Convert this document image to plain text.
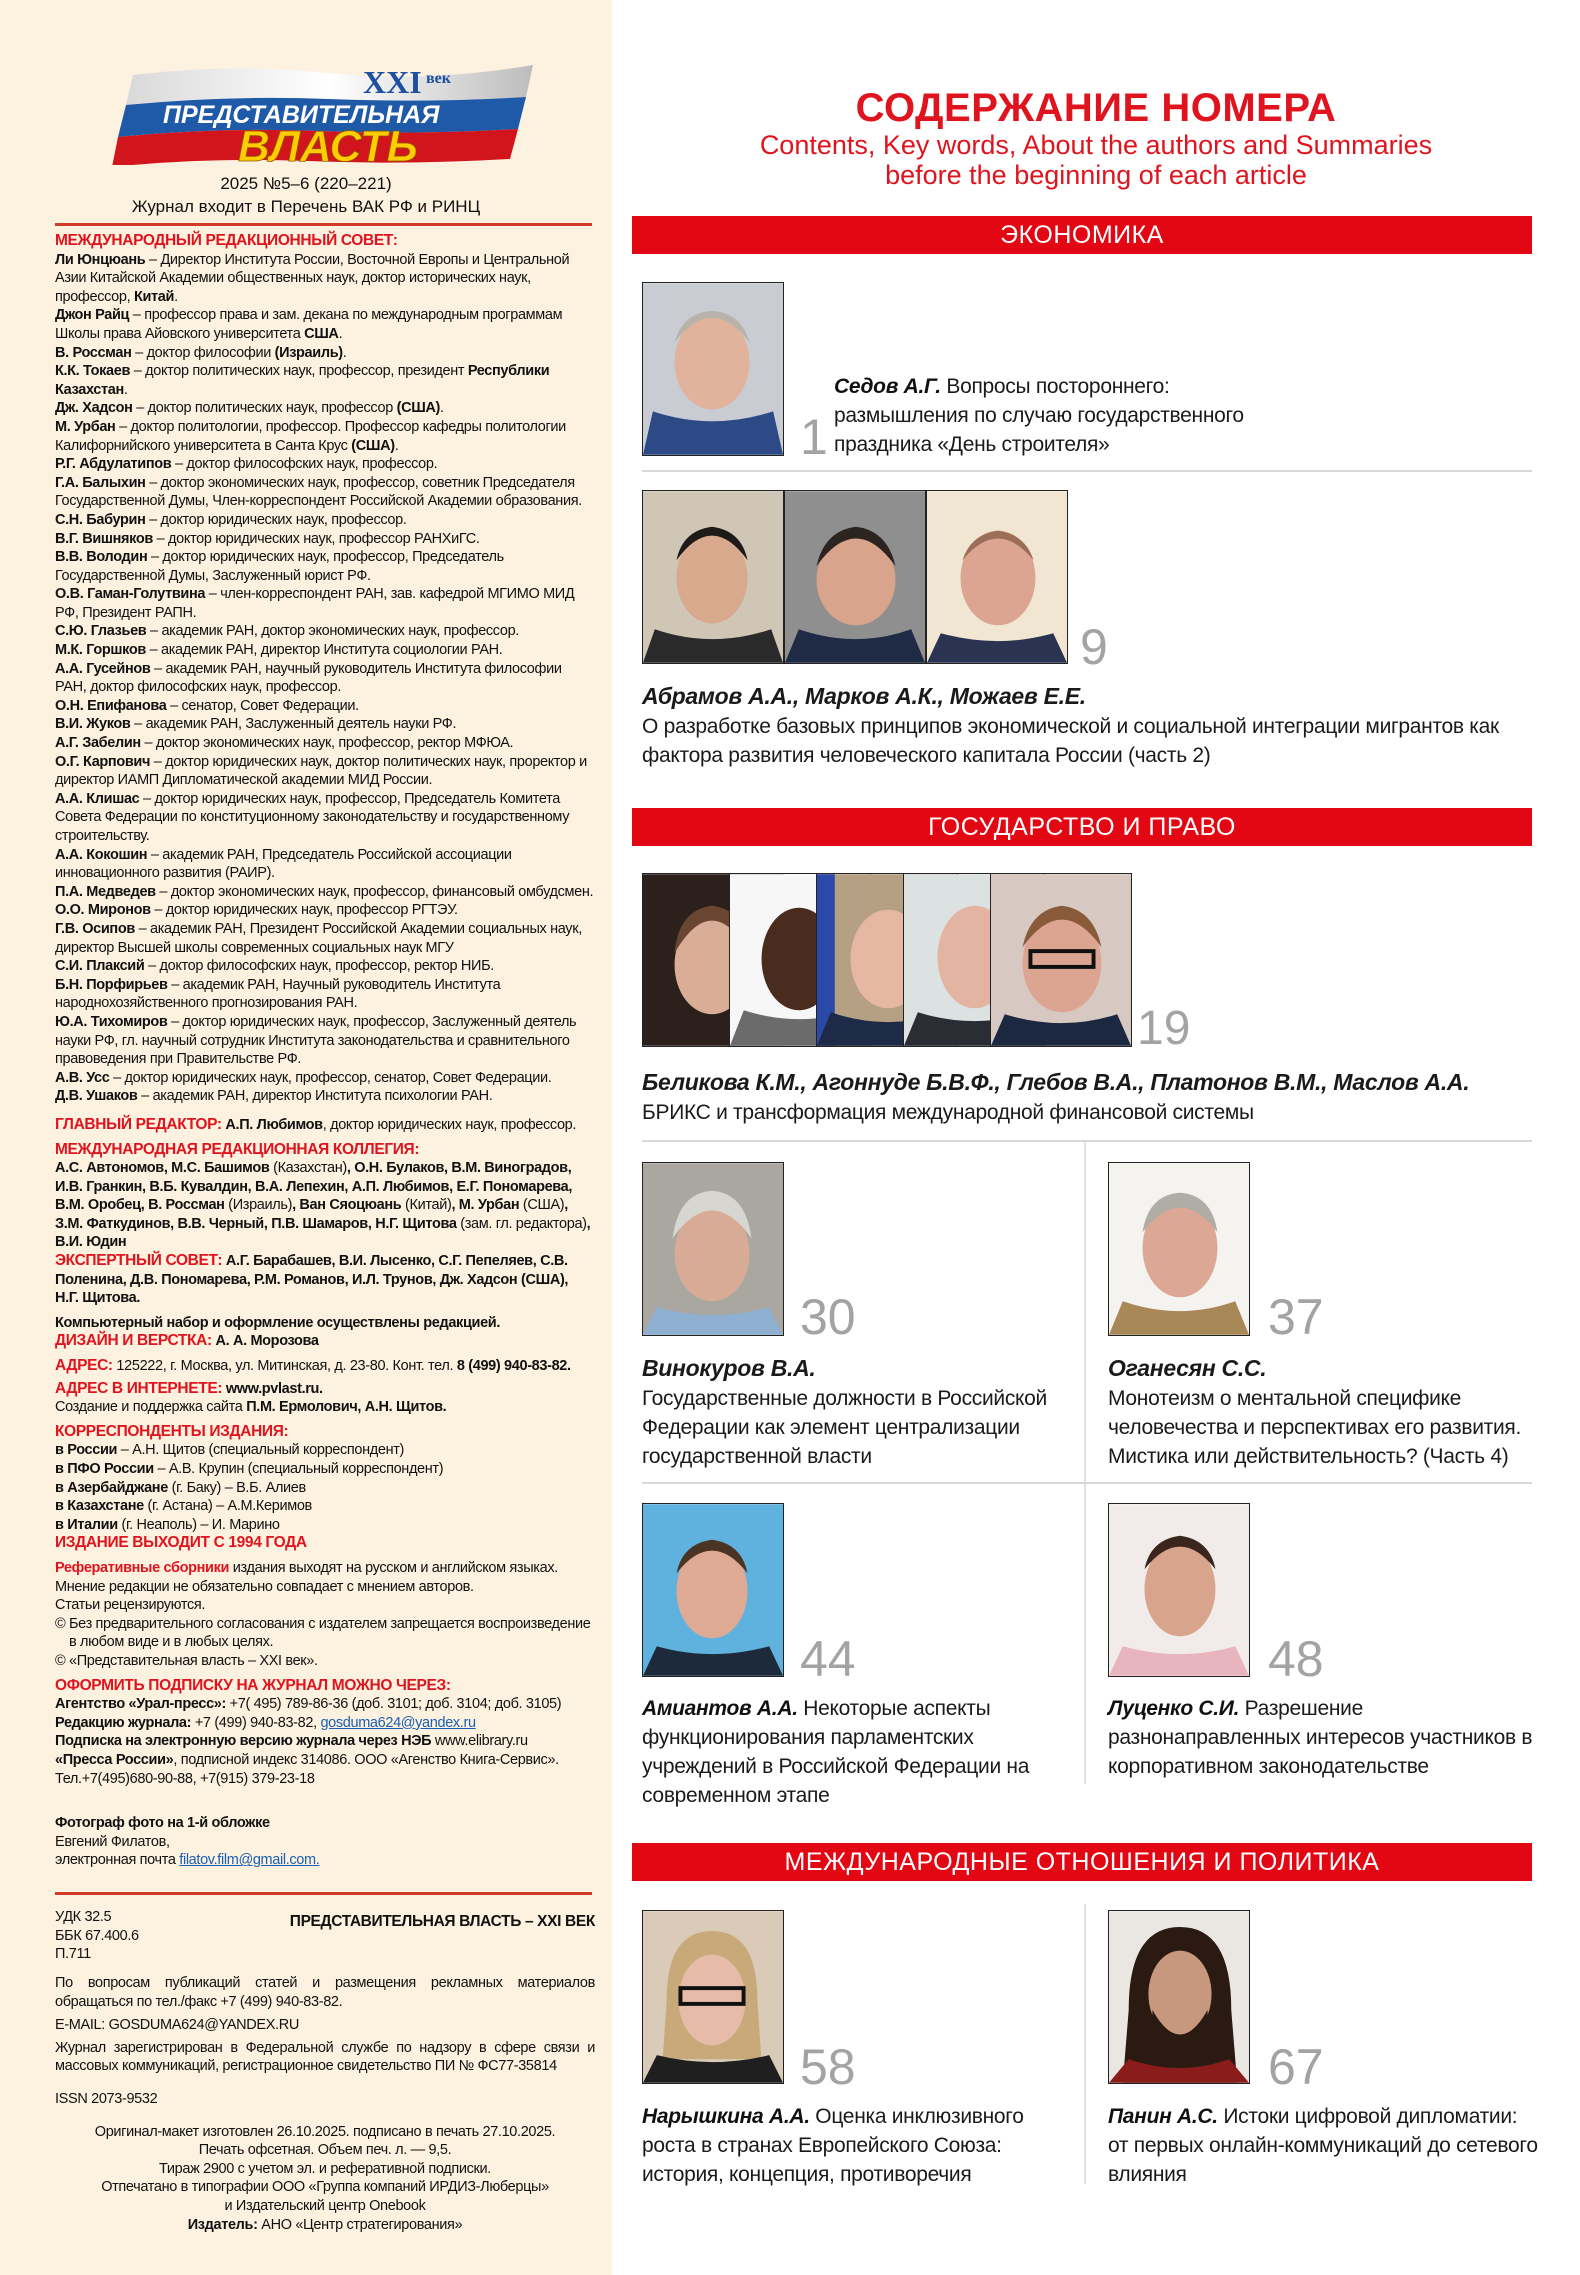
ПРЕДСТАВИТЕЛЬНАЯ
XXI век
ВЛАСТЬ
2025 №5–6 (220–221)
Журнал входит в Перечень ВАК РФ и РИНЦ

МЕЖДУНАРОДНЫЙ РЕДАКЦИОННЫЙ СОВЕТ:

Ли Юнцюань – Директор Института России, Восточной Европы и Центральной Азии Китайской Академии общественных наук, доктор исторических наук, профессор, Китай.

Джон Райц – профессор права и зам. декана по международным программам Школы права Айовского университета США.

В. Россман – доктор философии (Израиль).

К.К. Токаев – доктор политических наук, профессор, президент Республики Казахстан.

Дж. Хадсон – доктор политических наук, профессор (США).

М. Урбан – доктор политологии, профессор. Профессор кафедры политологии Калифорнийского университета в Санта Крус (США).

Р.Г. Абдулатипов – доктор философских наук, профессор.

Г.А. Балыхин – доктор экономических наук, профессор, советник Председателя Государственной Думы, Член-корреспондент Российской Академии образования.

С.Н. Бабурин – доктор юридических наук, профессор.

В.Г. Вишняков – доктор юридических наук, профессор РАНХиГС.

В.В. Володин – доктор юридических наук, профессор, Председатель Государственной Думы, Заслуженный юрист РФ.

О.В. Гаман-Голутвина – член-корреспондент РАН, зав. кафедрой МГИМО МИД РФ, Президент РАПН.

С.Ю. Глазьев – академик РАН, доктор экономических наук, профессор.

М.К. Горшков – академик РАН, директор Института социологии РАН.

А.А. Гусейнов – академик РАН, научный руководитель Института философии РАН, доктор философских наук, профессор.

О.Н. Епифанова – сенатор, Совет Федерации.

В.И. Жуков – академик РАН, Заслуженный деятель науки РФ.

А.Г. Забелин – доктор экономических наук, профессор, ректор МФЮА.

О.Г. Карпович – доктор юридических наук, доктор политических наук, проректор и директор ИАМП Дипломатической академии МИД России.

А.А. Клишас – доктор юридических наук, профессор, Председатель Комитета Совета Федерации по конституционному законодательству и государственному строительству.

А.А. Кокошин – академик РАН, Председатель Российской ассоциации инновационного развития (РАИР).

П.А. Медведев – доктор экономических наук, профессор, финансовый омбудсмен.

О.О. Миронов – доктор юридических наук, профессор РГТЭУ.

Г.В. Осипов – академик РАН, Президент Российской Академии социальных наук, директор Высшей школы современных социальных наук МГУ

С.И. Плаксий – доктор философских наук, профессор, ректор НИБ.

Б.Н. Порфирьев – академик РАН, Научный руководитель Института народнохозяйственного прогнозирования РАН.

Ю.А. Тихомиров – доктор юридических наук, профессор, Заслуженный деятель науки РФ, гл. научный сотрудник Института законодательства и сравнительного правоведения при Правительстве РФ.

А.В. Усс – доктор юридических наук, профессор, сенатор, Совет Федерации.

Д.В. Ушаков – академик РАН, директор Института психологии РАН.

ГЛАВНЫЙ РЕДАКТОР: А.П. Любимов, доктор юридических наук, профессор.

МЕЖДУНАРОДНАЯ РЕДАКЦИОННАЯ КОЛЛЕГИЯ:

А.С. Автономов, М.С. Башимов (Казахстан), О.Н. Булаков, В.М. Виноградов, И.В. Гранкин, В.Б. Кувалдин, В.А. Лепехин, А.П. Любимов, Е.Г. Пономарева, В.М. Оробец, В. Россман (Израиль), Ван Сяоцюань (Китай), М. Урбан (США), З.М. Фаткудинов, В.В. Черный, П.В. Шамаров, Н.Г. Щитова (зам. гл. редактора), В.И. Юдин

ЭКСПЕРТНЫЙ СОВЕТ: А.Г. Барабашев, В.И. Лысенко, С.Г. Пепеляев, С.В. Поленина, Д.В. Пономарева, Р.М. Романов, И.Л. Трунов, Дж. Хадсон (США), Н.Г. Щитова.

Компьютерный набор и оформление осуществлены редакцией.

ДИЗАЙН И ВЕРСТКА: А. А. Морозова

АДРЕС: 125222, г. Москва, ул. Митинская, д. 23-80. Конт. тел. 8 (499) 940-83-82.

АДРЕС В ИНТЕРНЕТЕ: www.pvlast.ru.

Создание и поддержка сайта П.М. Ермолович, А.Н. Щитов.

КОРРЕСПОНДЕНТЫ ИЗДАНИЯ:

в России – А.Н. Щитов (специальный корреспондент)

в ПФО России – А.В. Крупин (специальный корреспондент)

в Азербайджане (г. Баку) – В.Б. Алиев

в Казахстане (г. Астана) – А.М.Керимов

в Италии (г. Неаполь) – И. Марино

ИЗДАНИЕ ВЫХОДИТ С 1994 ГОДА

Реферативные сборники издания выходят на русском и английском языках.

Мнение редакции не обязательно совпадает с мнением авторов.

Статьи рецензируются.

© Без предварительного согласования с издателем запрещается воспроизведение в любом виде и в любых целях.

© «Представительная власть – XXI век».

ОФОРМИТЬ ПОДПИСКУ НА ЖУРНАЛ МОЖНО ЧЕРЕЗ:

Агентство «Урал-пресс»: +7( 495) 789-86-36 (доб. 3101; доб. 3104; доб. 3105)

Редакцию журнала: +7 (499) 940-83-82, gosduma624@yandex.ru

Подписка на электронную версию журнала через НЭБ www.elibrary.ru

«Пресса России», подписной индекс 314086. ООО «Агенство Книга-Сервис».

Тел.+7(495)680-90-88, +7(915) 379-23-18

Фотограф фото на 1-й обложке

Евгений Филатов,

электронная почта filatov.film@gmail.com.

УДК 32.5

ББК 67.400.6

П.711

ПРЕДСТАВИТЕЛЬНАЯ ВЛАСТЬ – XXI ВЕК

По вопросам публикаций статей и размещения рекламных материалов обращаться по тел./факс +7 (499) 940-83-82.

E-MAIL: GOSDUMA624@YANDEX.RU

Журнал зарегистрирован в Федеральной службе по надзору в сфере связи и массовых коммуникаций, регистрационное свидетельство ПИ № ФС77-35814

ISSN 2073-9532

Оригинал-макет изготовлен 26.10.2025. подписано в печать 27.10.2025.

Печать офсетная. Объем печ. л. — 9,5.

Тираж 2900 с учетом эл. и реферативной подписки.

Отпечатано в типографии ООО «Группа компаний ИРДИЗ-Люберцы»

и Издательский центр Onebook

Издатель: АНО «Центр стратегирования»

СОДЕРЖАНИЕ НОМЕРА
Contents, Key words, About the authors and Summaries
before the beginning of each article
ЭКОНОМИКА
1
Седов А.Г. Вопросы постороннего: размышления по случаю государственного праздника «День строителя»
9
Абрамов А.А., Марков А.К., Можаев Е.Е.
О разработке базовых принципов экономической и социальной интеграции мигрантов как фактора развития человеческого капитала России (часть 2)
ГОСУДАРСТВО И ПРАВО
19
Беликова К.М., Агоннуде Б.В.Ф., Глебов В.А., Платонов В.М., Маслов А.А.
БРИКС и трансформация международной финансовой системы
30
Винокуров В.А.
Государственные должности в Российской Федерации как элемент централизации государственной власти
37
Оганесян С.С.
Монотеизм о ментальной специфике человечества и перспективах его развития. Мистика или действительность? (Часть 4)
44
Амиантов А.А. Некоторые аспекты функционирования парламентских учреждений в Российской Федерации на современном этапе
48
Луценко С.И. Разрешение разнонаправленных интересов участников в корпоративном законодательстве
МЕЖДУНАРОДНЫЕ ОТНОШЕНИЯ И ПОЛИТИКА
58
Нарышкина А.А. Оценка инклюзивного роста в странах Европейского Союза: история, концепция, противоречия
67
Панин А.С. Истоки цифровой дипломатии: от первых онлайн-коммуникаций до сетевого влияния
